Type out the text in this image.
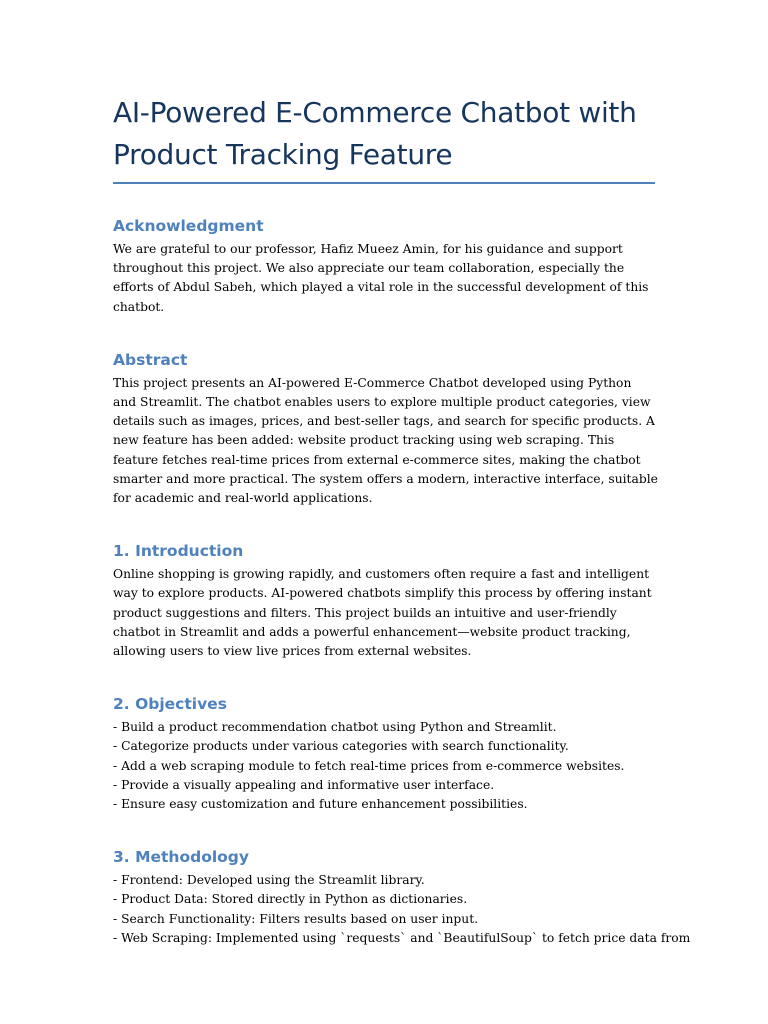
AI-Powered E-Commerce Chatbot with
Product Tracking Feature
Acknowledgment

We are grateful to our professor, Hafiz Mueez Amin, for his guidance and support throughout this project. We also appreciate our team collaboration, especially the efforts of Abdul Sabeh, which played a vital role in the successful development of this chatbot.

Abstract

This project presents an AI-powered E-Commerce Chatbot developed using Python and Streamlit. The chatbot enables users to explore multiple product categories, view details such as images, prices, and best-seller tags, and search for specific products. A new feature has been added: website product tracking using web scraping. This feature fetches real-time prices from external e-commerce sites, making the chatbot smarter and more practical. The system offers a modern, interactive interface, suitable for academic and real-world applications.

1. Introduction

Online shopping is growing rapidly, and customers often require a fast and intelligent way to explore products. AI-powered chatbots simplify this process by offering instant product suggestions and filters. This project builds an intuitive and user-friendly chatbot in Streamlit and adds a powerful enhancement—website product tracking, allowing users to view live prices from external websites.

2. Objectives
- Build a product recommendation chatbot using Python and Streamlit.
- Categorize products under various categories with search functionality.
- Add a web scraping module to fetch real-time prices from e-commerce websites.
- Provide a visually appealing and informative user interface.
- Ensure easy customization and future enhancement possibilities.
3. Methodology
- Frontend: Developed using the Streamlit library.
- Product Data: Stored directly in Python as dictionaries.
- Search Functionality: Filters results based on user input.
- Web Scraping: Implemented using `requests` and `BeautifulSoup` to fetch price data from
